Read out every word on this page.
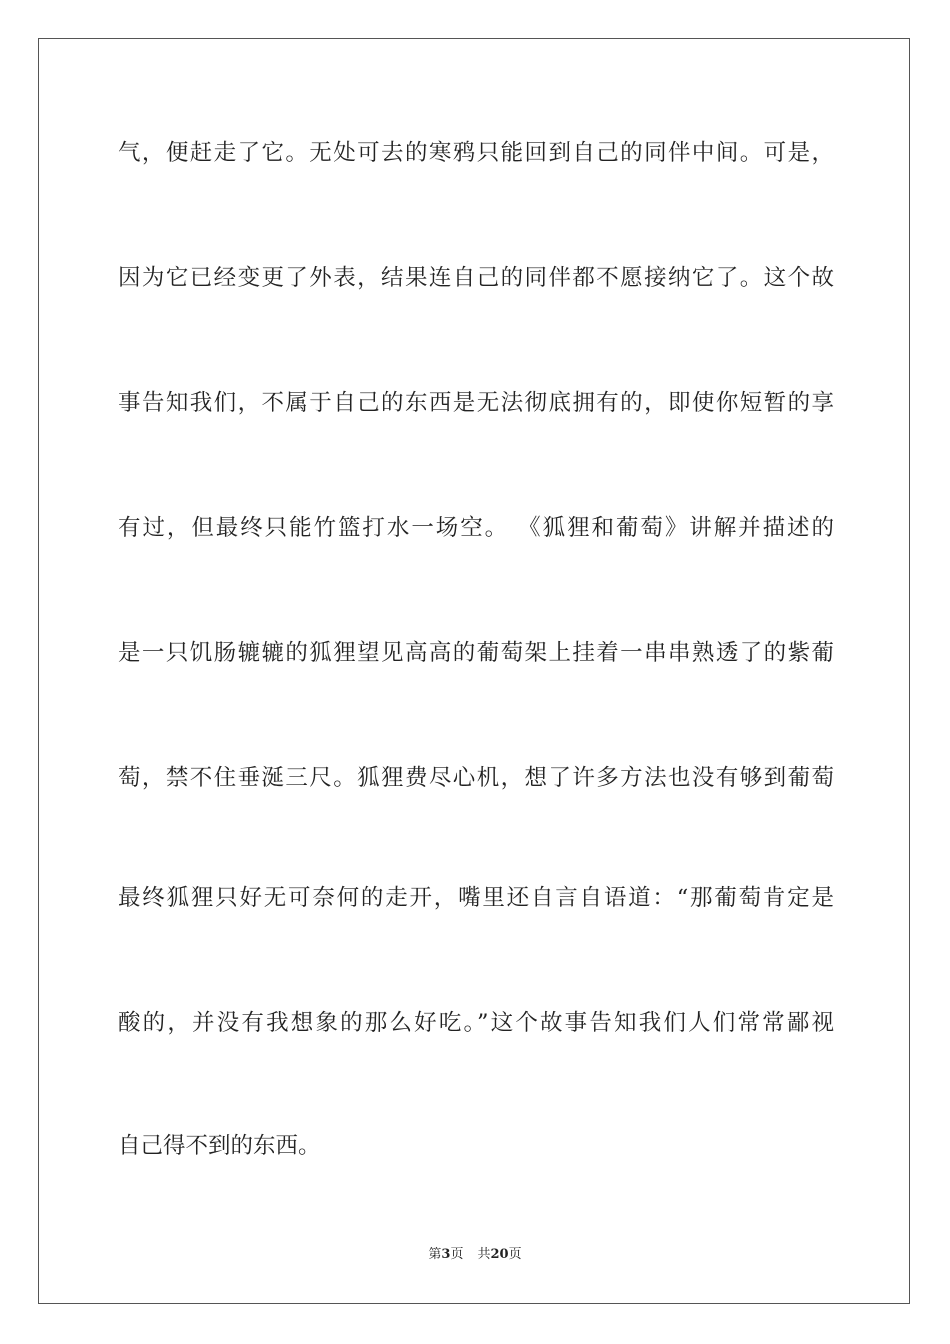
气，便赶走了它。无处可去的寒鸦只能回到自己的同伴中间。可是，
因为它已经变更了外表，结果连自己的同伴都不愿接纳它了。这个故
事告知我们，不属于自己的东西是无法彻底拥有的，即使你短暂的享
有过，但最终只能竹篮打水一场空。 《狐狸和葡萄》讲解并描述的
是一只饥肠辘辘的狐狸望见高高的葡萄架上挂着一串串熟透了的紫葡
萄，禁不住垂涎三尺。狐狸费尽心机，想了许多方法也没有够到葡萄
最终狐狸只好无可奈何的走开，嘴里还自言自语道：“那葡萄肯定是
酸的，并没有我想象的那么好吃。”这个故事告知我们人们常常鄙视
自己得不到的东西。
第3页 共20页
